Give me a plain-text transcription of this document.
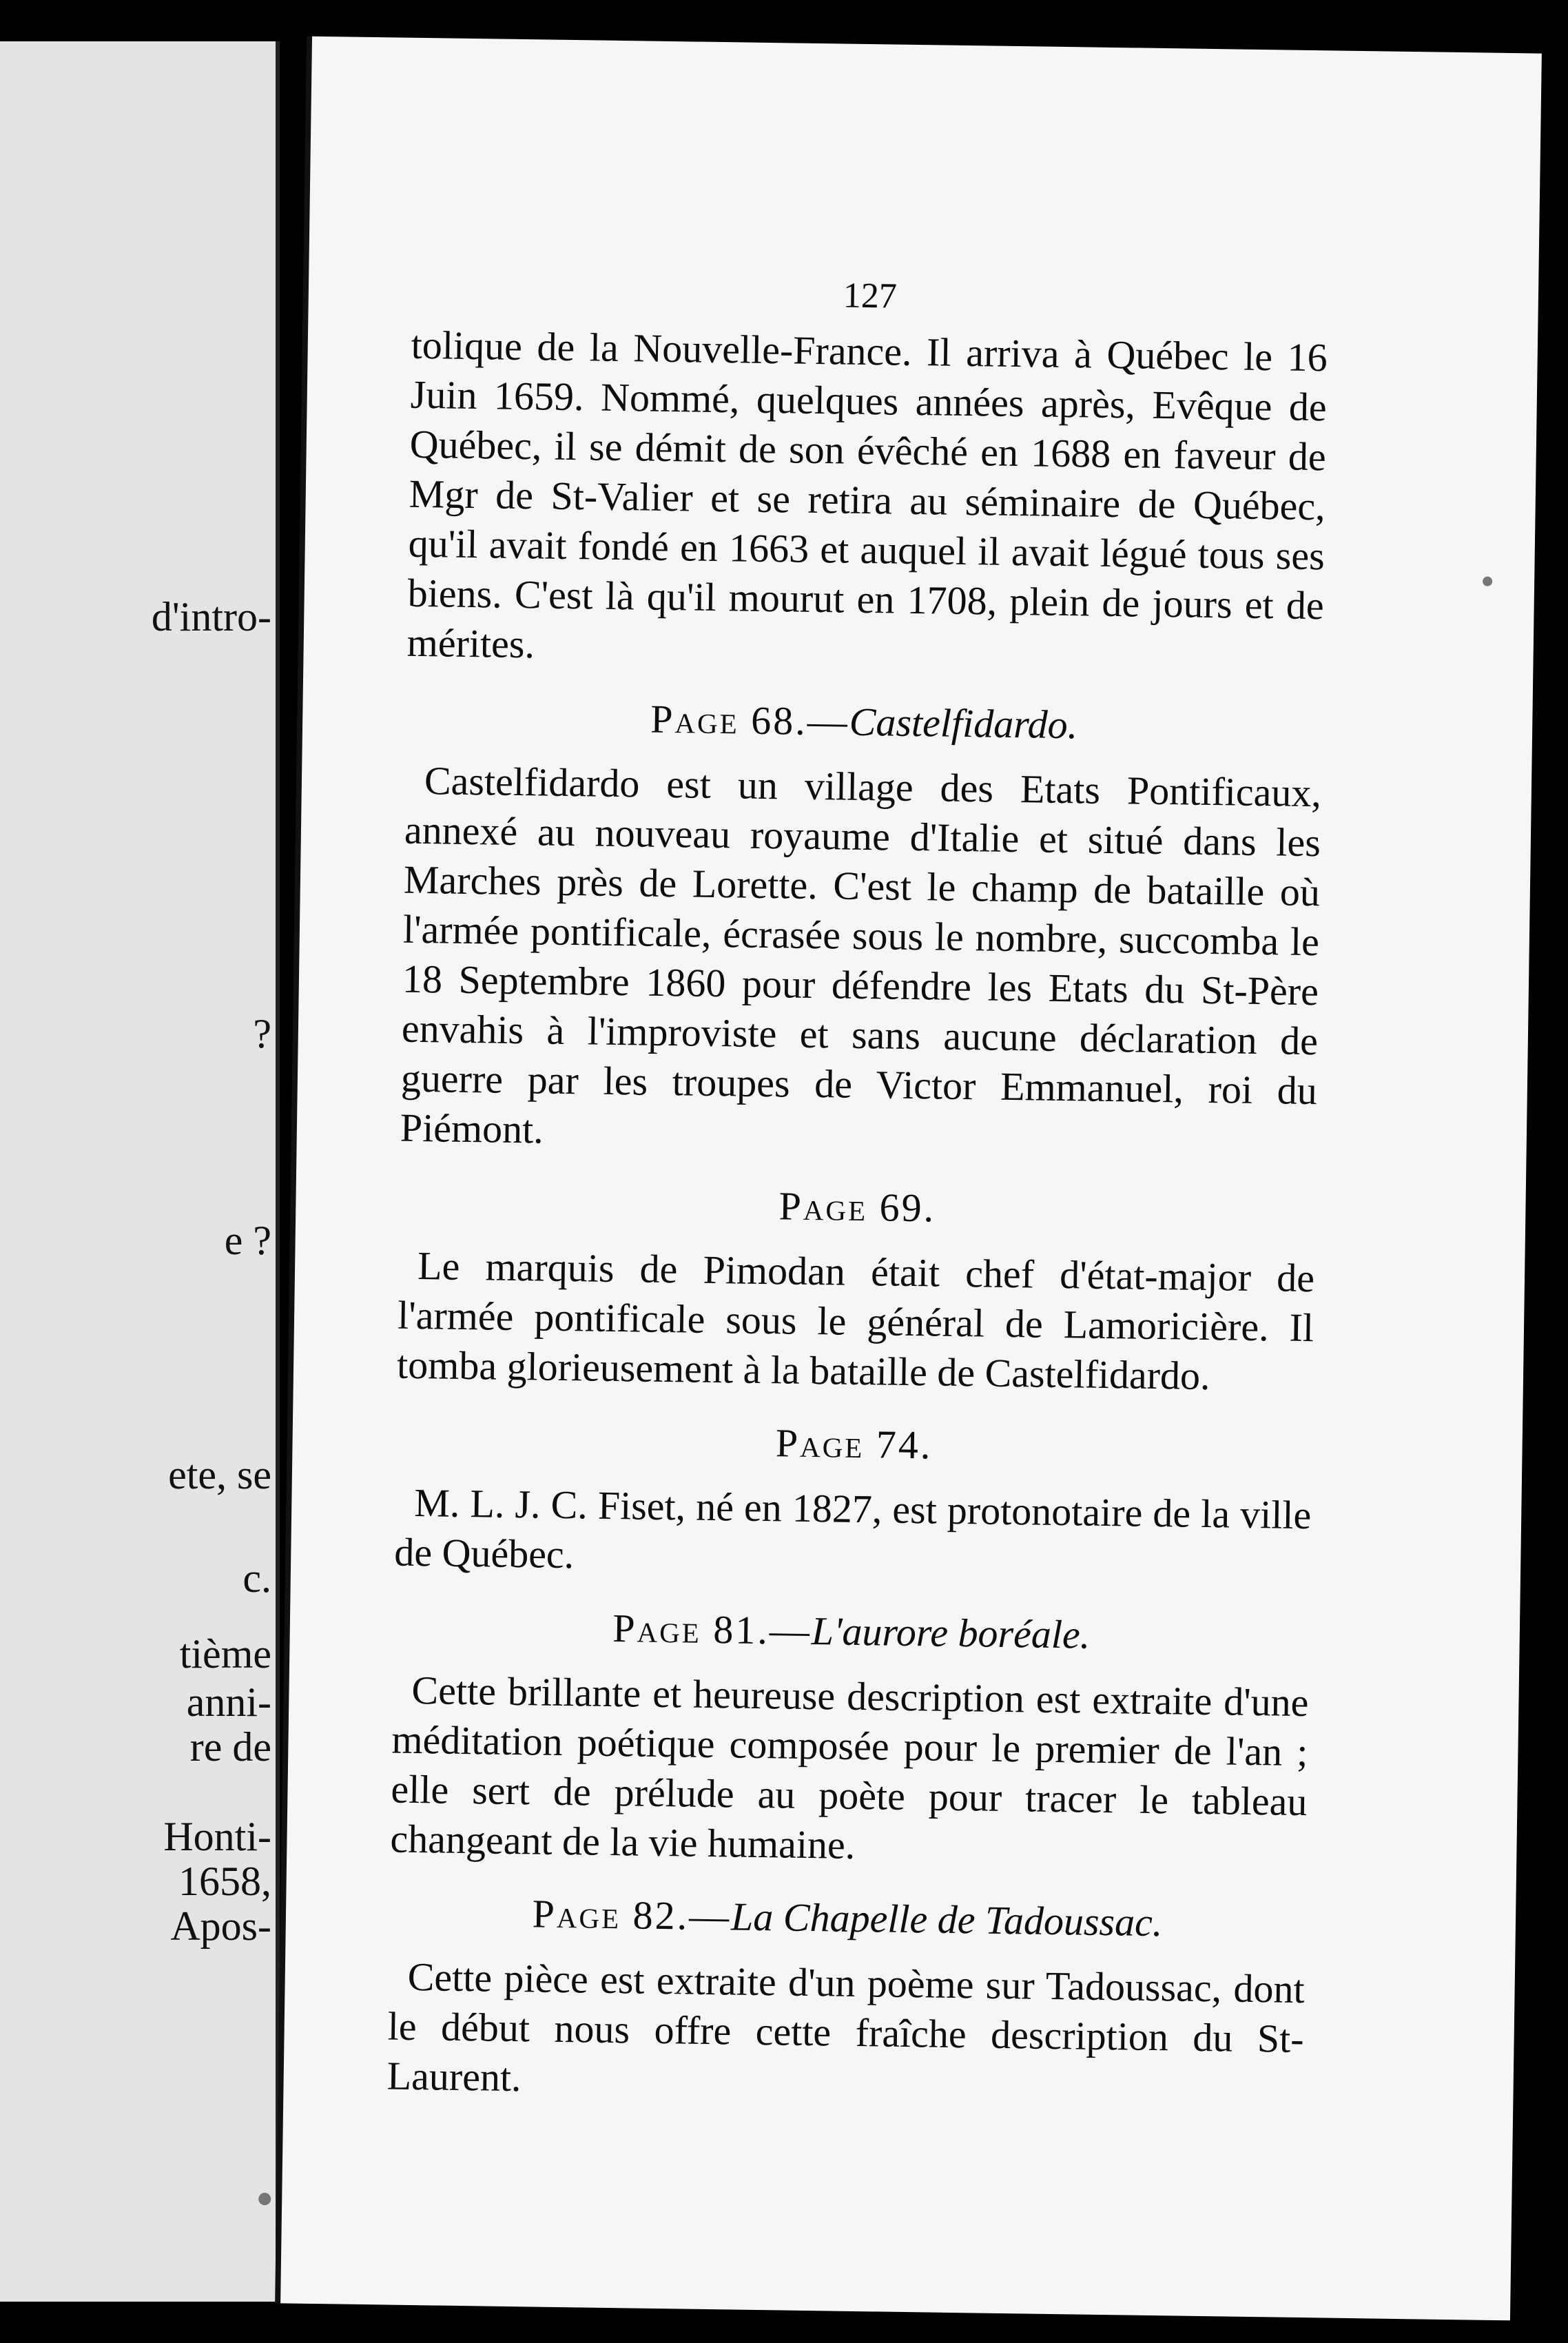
d'intro-
?
e ?
ete, se
c.
tième
anni-
re de
Honti-
1658,
Apos-
127

tolique de la Nouvelle-France. Il arriva à Québec le 16 Juin 1659. Nommé, quelques années après, Evêque de Québec, il se démit de son évêché en 1688 en faveur de Mgr de St-Valier et se retira au séminaire de Québec, qu'il avait fondé en 1663 et auquel il avait légué tous ses biens. C'est là qu'il mourut en 1708, plein de jours et de mérites.

Page 68.—Castelfidardo.

Castelfidardo est un village des Etats Pontificaux, annexé au nouveau royaume d'Italie et situé dans les Marches près de Lorette. C'est le champ de bataille où l'armée pontificale, écrasée sous le nombre, succomba le 18 Septembre 1860 pour défendre les Etats du St-Père envahis à l'improviste et sans aucune déclaration de guerre par les troupes de Victor Emmanuel, roi du Piémont.

Page 69.

Le marquis de Pimodan était chef d'état-major de l'armée pontificale sous le général de Lamoricière. Il tomba glorieusement à la bataille de Castelfidardo.

Page 74.

M. L. J. C. Fiset, né en 1827, est protonotaire de la ville de Québec.

Page 81.—L'aurore boréale.

Cette brillante et heureuse description est extraite d'une méditation poétique composée pour le premier de l'an ; elle sert de prélude au poète pour tracer le tableau changeant de la vie humaine.

Page 82.—La Chapelle de Tadoussac.

Cette pièce est extraite d'un poème sur Tadoussac, dont le début nous offre cette fraîche description du St-Laurent.
